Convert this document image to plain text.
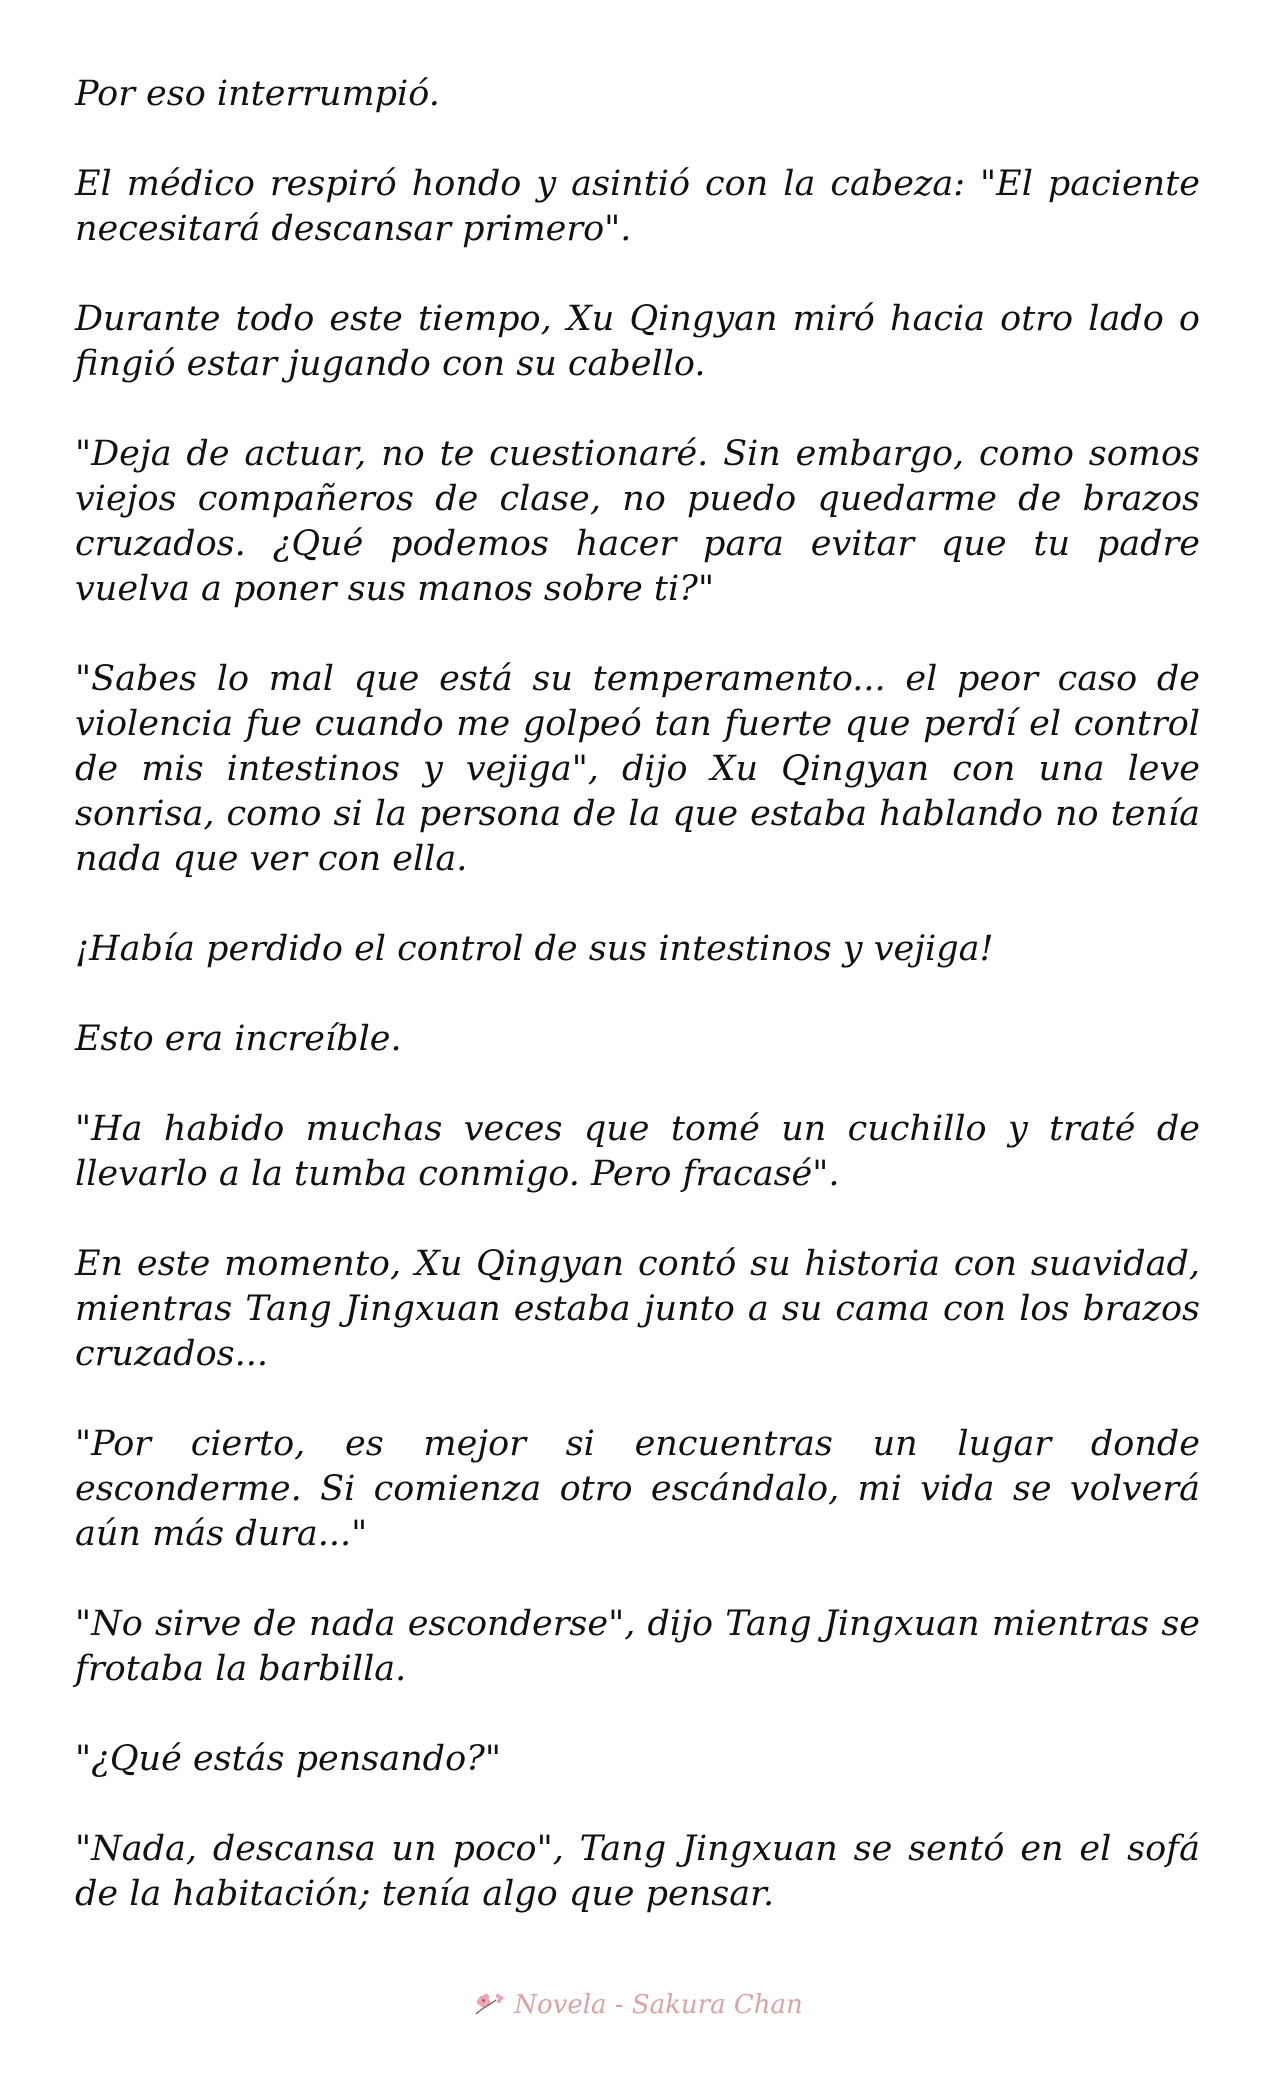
Por eso interrumpió.

El médico respiró hondo y asintió con la cabeza: "El paciente necesitará descansar primero".

Durante todo este tiempo, Xu Qingyan miró hacia otro lado o fingió estar jugando con su cabello.

"Deja de actuar, no te cuestionaré. Sin embargo, como somos viejos compañeros de clase, no puedo quedarme de brazos cruzados. ¿Qué podemos hacer para evitar que tu padre vuelva a poner sus manos sobre ti?"

"Sabes lo mal que está su temperamento... el peor caso de violencia fue cuando me golpeó tan fuerte que perdí el control de mis intestinos y vejiga", dijo Xu Qingyan con una leve sonrisa, como si la persona de la que estaba hablando no tenía nada que ver con ella.

¡Había perdido el control de sus intestinos y vejiga!

Esto era increíble.

"Ha habido muchas veces que tomé un cuchillo y traté de llevarlo a la tumba conmigo. Pero fracasé".

En este momento, Xu Qingyan contó su historia con suavidad, mientras Tang Jingxuan estaba junto a su cama con los brazos cruzados...

"Por cierto, es mejor si encuentras un lugar donde esconderme. Si comienza otro escándalo, mi vida se volverá aún más dura..."

"No sirve de nada esconderse", dijo Tang Jingxuan mientras se frotaba la barbilla.

"¿Qué estás pensando?"

"Nada, descansa un poco", Tang Jingxuan se sentó en el sofá de la habitación; tenía algo que pensar.

Novela - Sakura Chan
